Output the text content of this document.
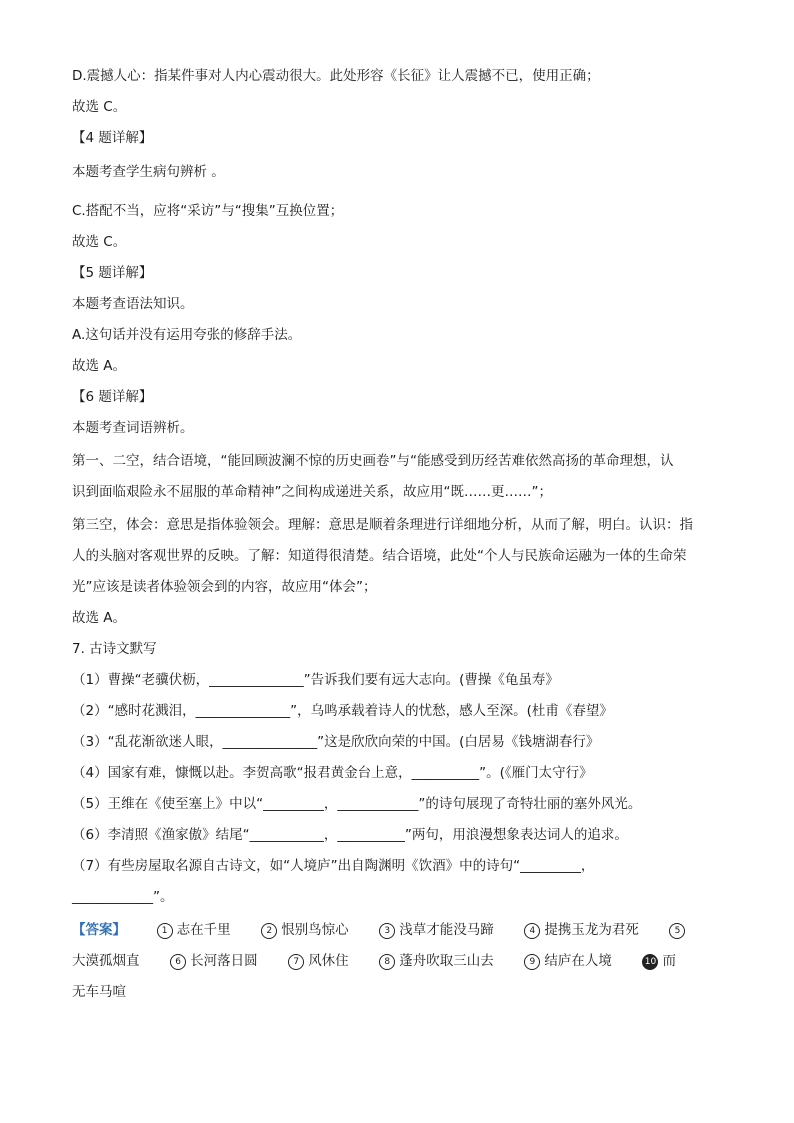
D.震撼人心：指某件事对人内心震动很大。此处形容《长征》让人震撼不已，使用正确；
故选 C。
【4 题详解】
本题考查学生病句辨析 。
C.搭配不当，应将“采访”与“搜集”互换位置；
故选 C。
【5 题详解】
本题考查语法知识。
A.这句话并没有运用夸张的修辞手法。
故选 A。
【6 题详解】
本题考查词语辨析。
第一、二空，结合语境，“能回顾波澜不惊的历史画卷”与“能感受到历经苦难依然高扬的革命理想，认
识到面临艰险永不屈服的革命精神”之间构成递进关系，故应用“既……更……”；
第三空，体会：意思是指体验领会。理解：意思是顺着条理进行详细地分析，从而了解，明白。认识：指
人的头脑对客观世界的反映。了解：知道得很清楚。结合语境，此处“个人与民族命运融为一体的生命荣
光”应该是读者体验领会到的内容，故应用“体会”；
故选 A。
7. 古诗文默写
（1）曹操“老骥伏枥，______________”告诉我们要有远大志向。(曹操《龟虽寿》
（2）“感时花溅泪，______________”，乌鸣承载着诗人的忧愁，感人至深。(杜甫《春望》
（3）“乱花渐欲迷人眼，______________”这是欣欣向荣的中国。(白居易《钱塘湖春行》
（4）国家有难，慷慨以赴。李贺高歌“报君黄金台上意，__________”。(《雁门太守行》
（5）王维在《使至塞上》中以“_________，____________”的诗句展现了奇特壮丽的塞外风光。
（6）李清照《渔家傲》结尾“___________，__________”两句，用浪漫想象表达词人的追求。
（7）有些房屋取名源自古诗文，如“人境庐”出自陶渊明《饮酒》中的诗句“_________，
____________”。
【答案】	1 志在千里	2 恨别鸟惊心	3 浅草才能没马蹄	4 提携玉龙为君死	5
大漠孤烟直	6 长河落日圆	7 风休住	8 蓬舟吹取三山去	9 结庐在人境	10 而
无车马喧
